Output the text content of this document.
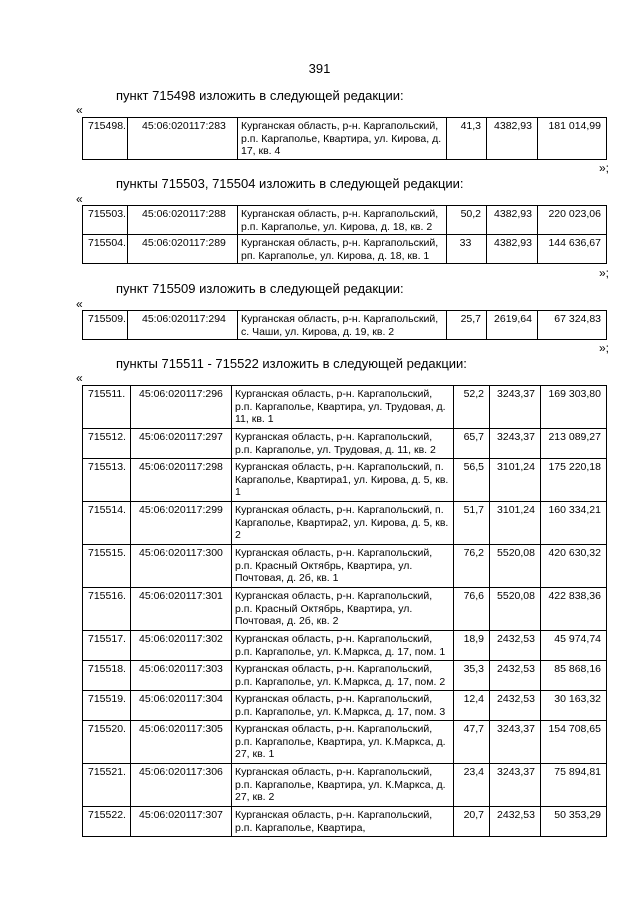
391
пункт 715498 изложить в следующей редакции:
«
715498.	45:06:020117:283	Курганская область, р-н. Каргапольский, р.п. Каргаполье, Квартира, ул. Кирова, д. 17, кв. 4	41,3	4382,93	181 014,99
»;
пункты 715503, 715504 изложить в следующей редакции:
«
715503.	45:06:020117:288	Курганская область, р-н. Каргапольский, р.п. Каргаполье, ул. Кирова, д. 18, кв. 2	50,2	4382,93	220 023,06
715504.	45:06:020117:289	Курганская область, р-н. Каргапольский, рп. Каргаполье, ул. Кирова, д. 18, кв. 1	33	4382,93	144 636,67
»;
пункт 715509 изложить в следующей редакции:
«
715509.	45:06:020117:294	Курганская область, р-н. Каргапольский, с. Чаши, ул. Кирова, д. 19, кв. 2	25,7	2619,64	67 324,83
»;
пункты 715511 - 715522 изложить в следующей редакции:
«
715511.	45:06:020117:296	Курганская область, р-н. Каргапольский, р.п. Каргаполье, Квартира, ул. Трудовая, д. 11, кв. 1	52,2	3243,37	169 303,80
715512.	45:06:020117:297	Курганская область, р-н. Каргапольский, р.п. Каргаполье, ул. Трудовая, д. 11, кв. 2	65,7	3243,37	213 089,27
715513.	45:06:020117:298	Курганская область, р-н. Каргапольский, п. Каргаполье, Квартира1, ул. Кирова, д. 5, кв. 1	56,5	3101,24	175 220,18
715514.	45:06:020117:299	Курганская область, р-н. Каргапольский, п. Каргаполье, Квартира2, ул. Кирова, д. 5, кв. 2	51,7	3101,24	160 334,21
715515.	45:06:020117:300	Курганская область, р-н. Каргапольский, р.п. Красный Октябрь, Квартира, ул. Почтовая, д. 2б, кв. 1	76,2	5520,08	420 630,32
715516.	45:06:020117:301	Курганская область, р-н. Каргапольский, р.п. Красный Октябрь, Квартира, ул. Почтовая, д. 2б, кв. 2	76,6	5520,08	422 838,36
715517.	45:06:020117:302	Курганская область, р-н. Каргапольский, р.п. Каргаполье, ул. К.Маркса, д. 17, пом. 1	18,9	2432,53	45 974,74
715518.	45:06:020117:303	Курганская область, р-н. Каргапольский, р.п. Каргаполье, ул. К.Маркса, д. 17, пом. 2	35,3	2432,53	85 868,16
715519.	45:06:020117:304	Курганская область, р-н. Каргапольский, р.п. Каргаполье, ул. К.Маркса, д. 17, пом. 3	12,4	2432,53	30 163,32
715520.	45:06:020117:305	Курганская область, р-н. Каргапольский, р.п. Каргаполье, Квартира, ул. К.Маркса, д. 27, кв. 1	47,7	3243,37	154 708,65
715521.	45:06:020117:306	Курганская область, р-н. Каргапольский, р.п. Каргаполье, Квартира, ул. К.Маркса, д. 27, кв. 2	23,4	3243,37	75 894,81
715522.	45:06:020117:307	Курганская область, р-н. Каргапольский, р.п. Каргаполье, Квартира,	20,7	2432,53	50 353,29
